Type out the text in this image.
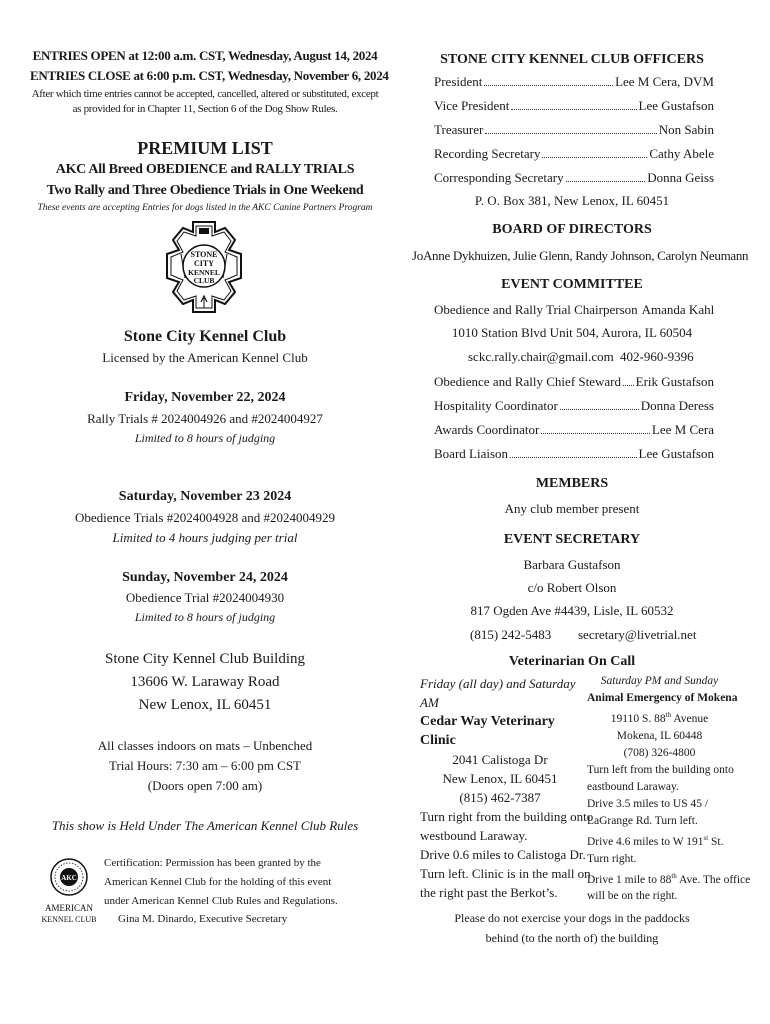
ENTRIES OPEN at 12:00 a.m. CST, Wednesday, August 14, 2024
ENTRIES CLOSE at 6:00 p.m. CST, Wednesday, November 6, 2024
After which time entries cannot be accepted, cancelled, altered or substituted, except
as provided for in Chapter 11, Section 6 of the Dog Show Rules.
PREMIUM LIST
AKC All Breed OBEDIENCE and RALLY TRIALS
Two Rally and Three Obedience Trials in One Weekend
These events are accepting Entries for dogs listed in the AKC Canine Partners Program
STONE
CITY
KENNEL
CLUB
Stone City Kennel Club
Licensed by the American Kennel Club
Friday, November 22, 2024
Rally Trials # 2024004926 and #2024004927
Limited to 8 hours of judging
Saturday, November 23 2024
Obedience Trials #2024004928 and #2024004929
Limited to 4 hours judging per trial
Sunday, November 24, 2024
Obedience Trial #2024004930
Limited to 8 hours of judging
Stone City Kennel Club Building
13606 W. Laraway Road
New Lenox, IL 60451
All classes indoors on mats – Unbenched
Trial Hours: 7:30 am – 6:00 pm CST
(Doors open 7:00 am)
This show is Held Under The American Kennel Club Rules
AKC
AMERICAN
KENNEL CLUB
Certification: Permission has been granted by the
American Kennel Club for the holding of this event
under American Kennel Club Rules and Regulations.
Gina M. Dinardo, Executive Secretary
STONE CITY KENNEL CLUB OFFICERS
President	Lee M Cera, DVM
Vice President	Lee Gustafson
Treasurer	Non Sabin
Recording Secretary	Cathy Abele
Corresponding Secretary	Donna Geiss
P. O. Box 381, New Lenox, IL 60451
BOARD OF DIRECTORS
JoAnne Dykhuizen, Julie Glenn, Randy Johnson, Carolyn Neumann
EVENT COMMITTEE
Obedience and Rally Trial Chairperson Amanda Kahl
1010 Station Blvd Unit 504, Aurora, IL 60504
sckc.rally.chair@gmail.com 402-960-9396
Obedience and Rally Chief Steward Erik Gustafson
Hospitality Coordinator	Donna Deress
Awards Coordinator	Lee M Cera
Board Liaison	Lee Gustafson
MEMBERS
Any club member present
EVENT SECRETARY
Barbara Gustafson
c/o Robert Olson
817 Ogden Ave #4439, Lisle, IL 60532
(815) 242-5483 secretary@livetrial.net
Veterinarian On Call
Friday (all day) and Saturday
AM
Cedar Way Veterinary Clinic
2041 Calistoga Dr
New Lenox, IL 60451
(815) 462-7387
Turn right from the building onto
westbound Laraway.
Drive 0.6 miles to Calistoga Dr.
Turn left. Clinic is in the mall on
the right past the Berkot’s.
Saturday PM and Sunday
Animal Emergency of Mokena
19110 S. 88th Avenue
Mokena, IL 60448
(708) 326-4800
Turn left from the building onto
eastbound Laraway.
Drive 3.5 miles to US 45 /
LaGrange Rd. Turn left.
Drive 4.6 miles to W 191st St.
Turn right.
Drive 1 mile to 88th Ave. The office
will be on the right.
Please do not exercise your dogs in the paddocks
behind (to the north of) the building
